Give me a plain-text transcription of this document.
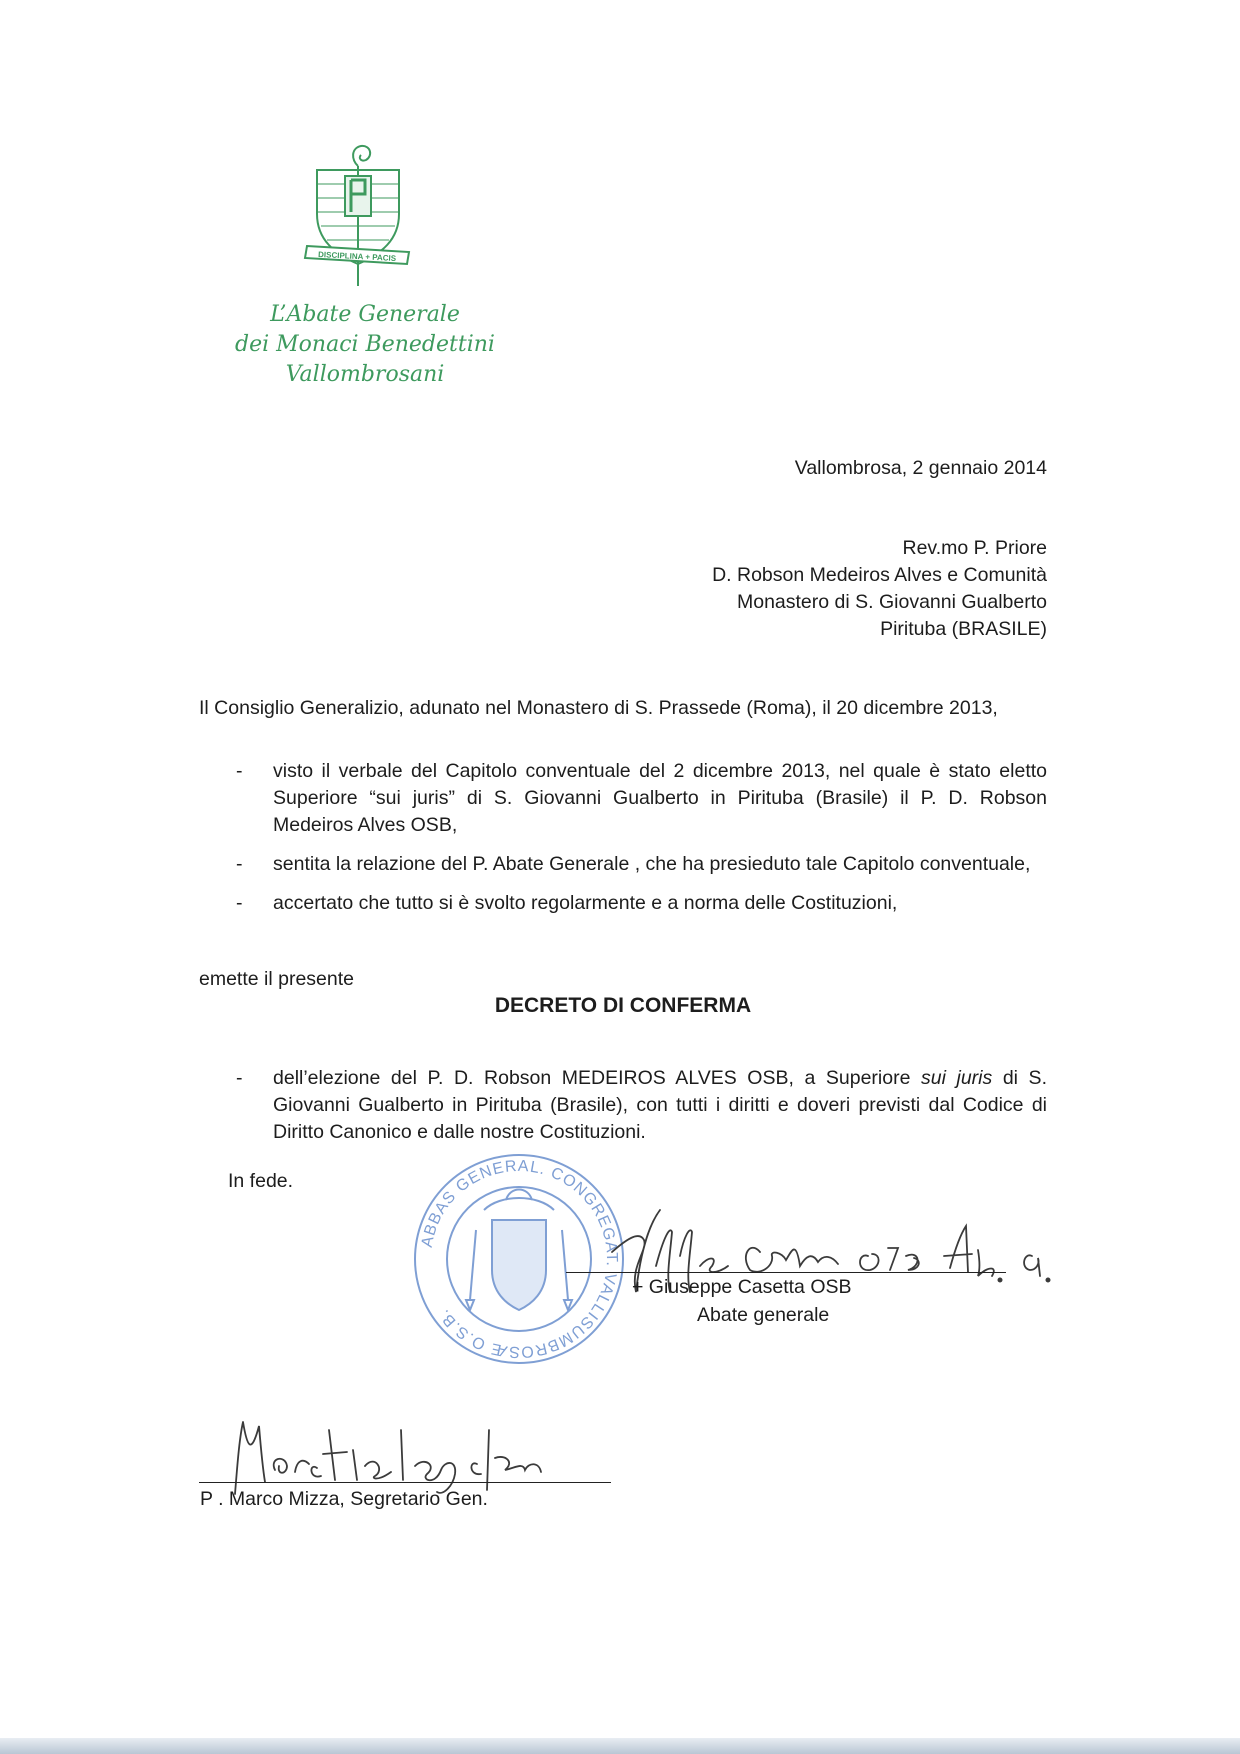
DISCIPLINA + PACIS
L’Abate Generale
dei Monaci Benedettini
Vallombrosani
Vallombrosa, 2 gennaio 2014
Rev.mo P. Priore
D. Robson Medeiros Alves e Comunità
Monastero di S. Giovanni Gualberto
Pirituba (BRASILE)
Il Consiglio Generalizio, adunato nel Monastero di S. Prassede (Roma), il 20 dicembre 2013,
- visto il verbale del Capitolo conventuale del 2 dicembre 2013, nel quale è stato eletto Superiore “sui juris” di S. Giovanni Gualberto in Pirituba (Brasile) il P. D. Robson Medeiros Alves OSB,
- sentita la relazione del P. Abate Generale , che ha presieduto tale Capitolo conventuale,
- accertato che tutto si è svolto regolarmente e a norma delle Costituzioni,
emette il presente
DECRETO DI CONFERMA
- dell’elezione del P. D. Robson MEDEIROS ALVES OSB, a Superiore sui juris di S. Giovanni Gualberto in Pirituba (Brasile), con tutti i diritti e doveri previsti dal Codice di Diritto Canonico e dalle nostre Costituzioni.
In fede.
ABBAS GENERAL. CONGREGAT. VALLISUMBROSÆ O.S.B.
+ Giuseppe Casetta OSB
Abate generale
P . Marco Mizza, Segretario Gen.
